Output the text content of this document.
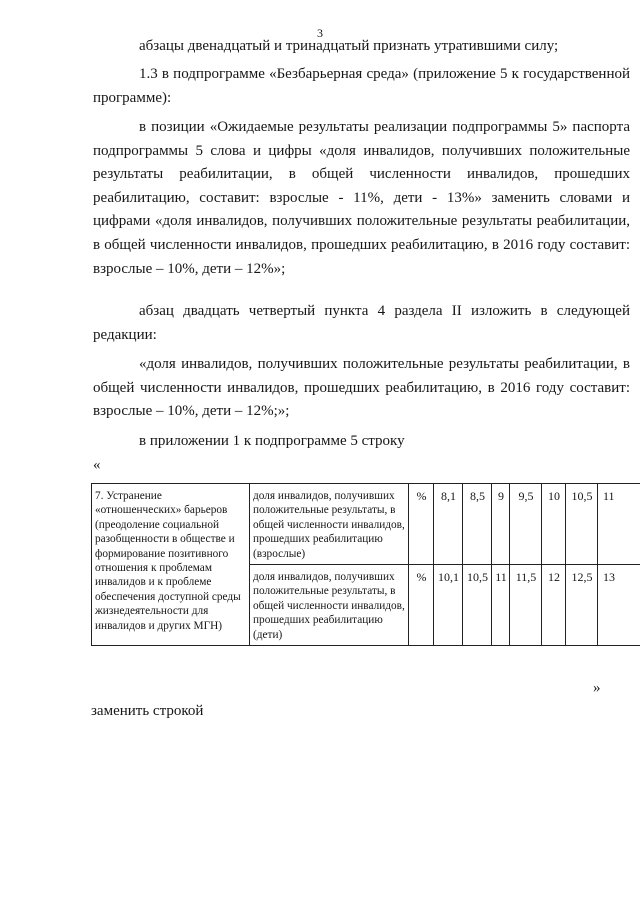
3

абзацы двенадцатый и тринадцатый признать утратившими силу;

1.3 в подпрограмме «Безбарьерная среда» (приложение 5 к государственной программе):

в позиции «Ожидаемые результаты реализации подпрограммы 5» паспорта подпрограммы 5 слова и цифры «доля инвалидов, получивших положительные результаты реабилитации, в общей численности инвалидов, прошедших реабилитацию, составит: взрослые - 11%, дети - 13%» заменить словами и цифрами «доля инвалидов, получивших положительные результаты реабилитации, в общей численности инвалидов, прошедших реабилитацию, в 2016 году составит: взрослые – 10%, дети – 12%»;

абзац двадцать четвертый пункта 4 раздела II изложить в следующей редакции:

«доля инвалидов, получивших положительные результаты реабилитации, в общей численности инвалидов, прошедших реабилитацию, в 2016 году составит: взрослые – 10%, дети – 12%;»;

в приложении 1 к подпрограмме 5 строку

«
7. Устранение «отношенческих» барьеров (преодоление социальной разобщенности в обществе и формирование позитивного отношения к проблемам инвалидов и к проблеме обеспечения доступной среды жизнедеятельности для инвалидов и других МГН)	доля инвалидов, получивших положительные результаты, в общей численности инвалидов, прошедших реабилитацию (взрослые)	%	8,1	8,5	9	9,5	10	10,5	11
	доля инвалидов, получивших положительные результаты, в общей численности инвалидов, прошедших реабилитацию (дети)	%	10,1	10,5	11	11,5	12	12,5	13
»

заменить строкой
